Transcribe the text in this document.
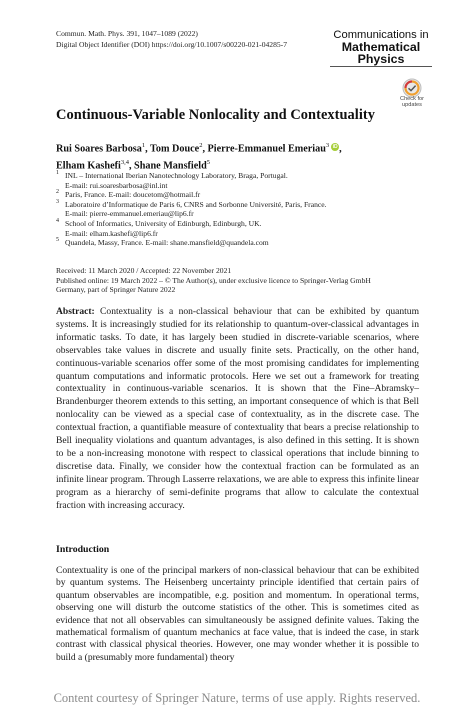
Commun. Math. Phys. 391, 1047–1089 (2022)
Digital Object Identifier (DOI) https://doi.org/10.1007/s00220-021-04285-7
Communications in
Mathematical
Physics
Check for
updates
Continuous-Variable Nonlocality and Contextuality
Rui Soares Barbosa$^1$, Tom Douce$^2$, Pierre-Emmanuel Emeriau$^3$ iD ,
Elham Kashefi$^{3,4}$, Shane Mansfield$^5$
1 INL – International Iberian Nanotechnology Laboratory, Braga, Portugal.
E-mail: rui.soaresbarbosa@inl.int
2 Paris, France. E-mail: doucetom@hotmail.fr
3 Laboratoire d’Informatique de Paris 6, CNRS and Sorbonne Université, Paris, France.
E-mail: pierre-emmanuel.emeriau@lip6.fr
4 School of Informatics, University of Edinburgh, Edinburgh, UK.
E-mail: elham.kashefi@lip6.fr
5 Quandela, Massy, France. E-mail: shane.mansfield@quandela.com
Received: 11 March 2020 / Accepted: 22 November 2021
Published online: 19 March 2022 – © The Author(s), under exclusive licence to Springer-Verlag GmbH
Germany, part of Springer Nature 2022
Abstract: Contextuality is a non-classical behaviour that can be exhibited by quantum systems. It is increasingly studied for its relationship to quantum-over-classical advantages in informatic tasks. To date, it has largely been studied in discrete-variable scenarios, where observables take values in discrete and usually finite sets. Practically, on the other hand, continuous-variable scenarios offer some of the most promising candidates for implementing quantum computations and informatic protocols. Here we set out a framework for treating contextuality in continuous-variable scenarios. It is shown that the Fine–Abramsky–Brandenburger theorem extends to this setting, an important consequence of which is that Bell nonlocality can be viewed as a special case of contextuality, as in the discrete case. The contextual fraction, a quantifiable measure of contextuality that bears a precise relationship to Bell inequality violations and quantum advantages, is also defined in this setting. It is shown to be a non-increasing monotone with respect to classical operations that include binning to discretise data. Finally, we consider how the contextual fraction can be formulated as an infinite linear program. Through Lasserre relaxations, we are able to express this infinite linear program as a hierarchy of semi-definite programs that allow to calculate the contextual fraction with increasing accuracy.
Introduction
Contextuality is one of the principal markers of non-classical behaviour that can be exhibited by quantum systems. The Heisenberg uncertainty principle identified that certain pairs of quantum observables are incompatible, e.g. position and momentum. In operational terms, observing one will disturb the outcome statistics of the other. This is sometimes cited as evidence that not all observables can simultaneously be assigned definite values. Taking the mathematical formalism of quantum mechanics at face value, that is indeed the case, in stark contrast with classical physical theories. However, one may wonder whether it is possible to build a (presumably more fundamental) theory
Content courtesy of Springer Nature, terms of use apply. Rights reserved.
